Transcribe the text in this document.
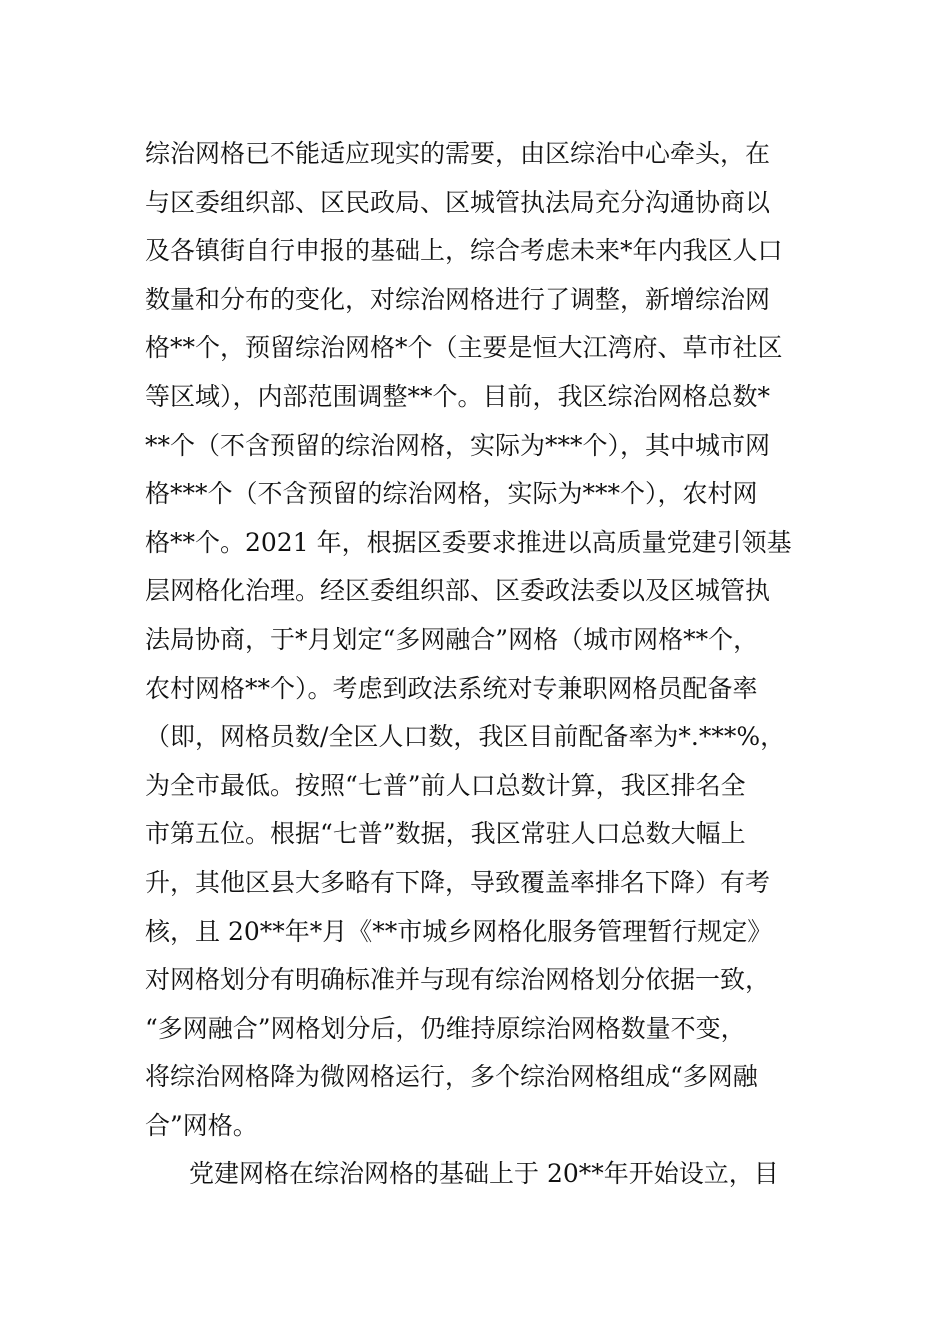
综治网格已不能适应现实的需要，由区综治中心牵头，在
与区委组织部、区民政局、区城管执法局充分沟通协商以
及各镇街自行申报的基础上，综合考虑未来*年内我区人口
数量和分布的变化，对综治网格进行了调整，新增综治网
格**个，预留综治网格*个（主要是恒大江湾府、草市社区
等区域），内部范围调整**个。目前，我区综治网格总数*
**个（不含预留的综治网格，实际为***个），其中城市网
格***个（不含预留的综治网格，实际为***个），农村网
格**个。2021 年，根据区委要求推进以高质量党建引领基
层网格化治理。经区委组织部、区委政法委以及区城管执
法局协商，于*月划定“多网融合”网格（城市网格**个，
农村网格**个）。考虑到政法系统对专兼职网格员配备率
（即，网格员数/全区人口数，我区目前配备率为*.***%，
为全市最低。按照“七普”前人口总数计算，我区排名全
市第五位。根据“七普”数据，我区常驻人口总数大幅上
升，其他区县大多略有下降，导致覆盖率排名下降）有考
核，且 20**年*月《**市城乡网格化服务管理暂行规定》
对网格划分有明确标准并与现有综治网格划分依据一致，
“多网融合”网格划分后，仍维持原综治网格数量不变，
将综治网格降为微网格运行，多个综治网格组成“多网融
合”网格。
党建网格在综治网格的基础上于 20**年开始设立，目
